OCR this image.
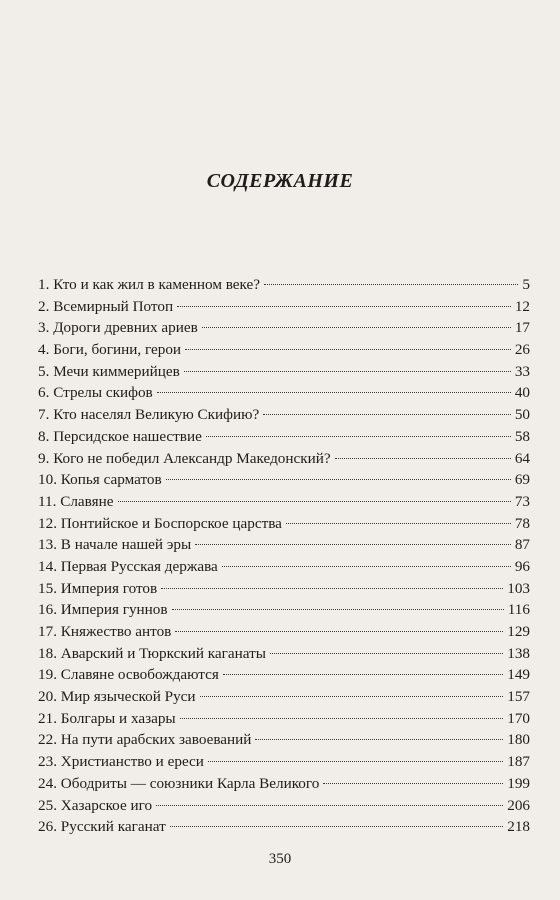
СОДЕРЖАНИЕ
1. Кто и как жил в каменном веке?	5
2. Всемирный Потоп	12
3. Дороги древних ариев	17
4. Боги, богини, герои	26
5. Мечи киммерийцев	33
6. Стрелы скифов	40
7. Кто населял Великую Скифию?	50
8. Персидское нашествие	58
9. Кого не победил Александр Македонский?	64
10. Копья сарматов	69
11. Славяне	73
12. Понтийское и Боспорское царства	78
13. В начале нашей эры	87
14. Первая Русская держава	96
15. Империя готов	103
16. Империя гуннов	116
17. Княжество антов	129
18. Аварский и Тюркский каганаты	138
19. Славяне освобождаются	149
20. Мир языческой Руси	157
21. Болгары и хазары	170
22. На пути арабских завоеваний	180
23. Христианство и ереси	187
24. Ободриты — союзники Карла Великого	199
25. Хазарское иго	206
26. Русский каганат	218
350
